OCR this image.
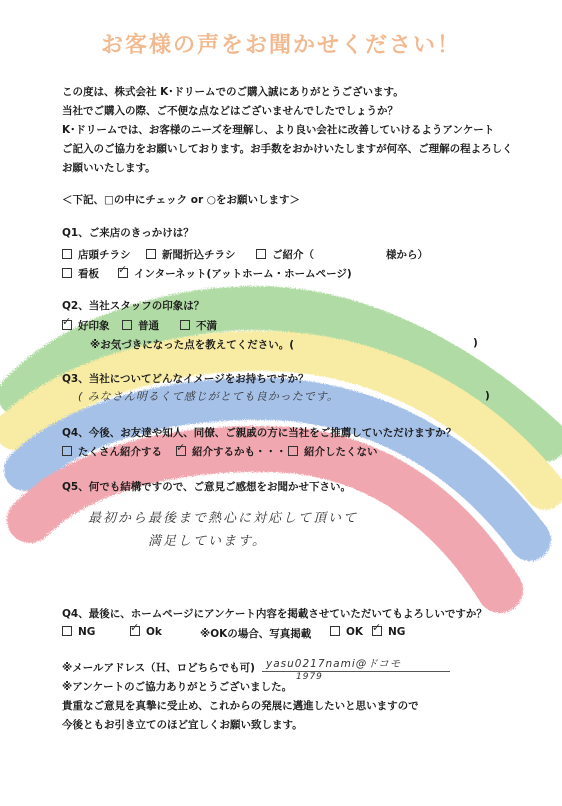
お客様の声をお聞かせください！
この度は、株式会社 K･ドリームでのご購入誠にありがとうございます。
当社でご購入の際、ご不便な点などはございませんでしたでしょうか？
K･ドリームでは、お客様のニーズを理解し、より良い会社に改善していけるようアンケート
ご記入のご協力をお願いしております。お手数をおかけいたしますが何卒、ご理解の程よろしく
お願いいたします。
＜下記、□の中にチェック or ○をお願いします＞
Q1、ご来店のきっかけは？
店頭チラシ	新聞折込チラシ	ご紹介（	様から）
看板 ✓	インターネット(アットホーム・ホームページ)
Q2、当社スタッフの印象は？
✓好印象	普通	不満
※お気づきになった点を教えてください。(	)
Q3、当社についてどんなイメージをお持ちですか？
( みなさん明るくて感じがとても良かったです。	)
Q4、今後、お友達や知人、同僚、ご親戚の方に当社をご推薦していただけますか？
たくさん紹介する ✓	紹介するかも・・・	紹介したくない
Q5、何でも結構ですので、ご意見ご感想をお聞かせ下さい。
最初から最後まで熱心に対応して頂いて
満足しています。
Q4、最後に、ホームページにアンケート内容を掲載させていただいてもよろしいですか？
NG ✓	Ok	※OKの場合、写真掲載	OK ✓	NG
※メールアドレス（Ｈ、ロどちらでも可) yasu0217nami@ドコモ
1979
※アンケートのご協力ありがとうございました。
貴重なご意見を真摯に受止め、これからの発展に邁進したいと思いますので
今後ともお引き立てのほど宜しくお願い致します。
